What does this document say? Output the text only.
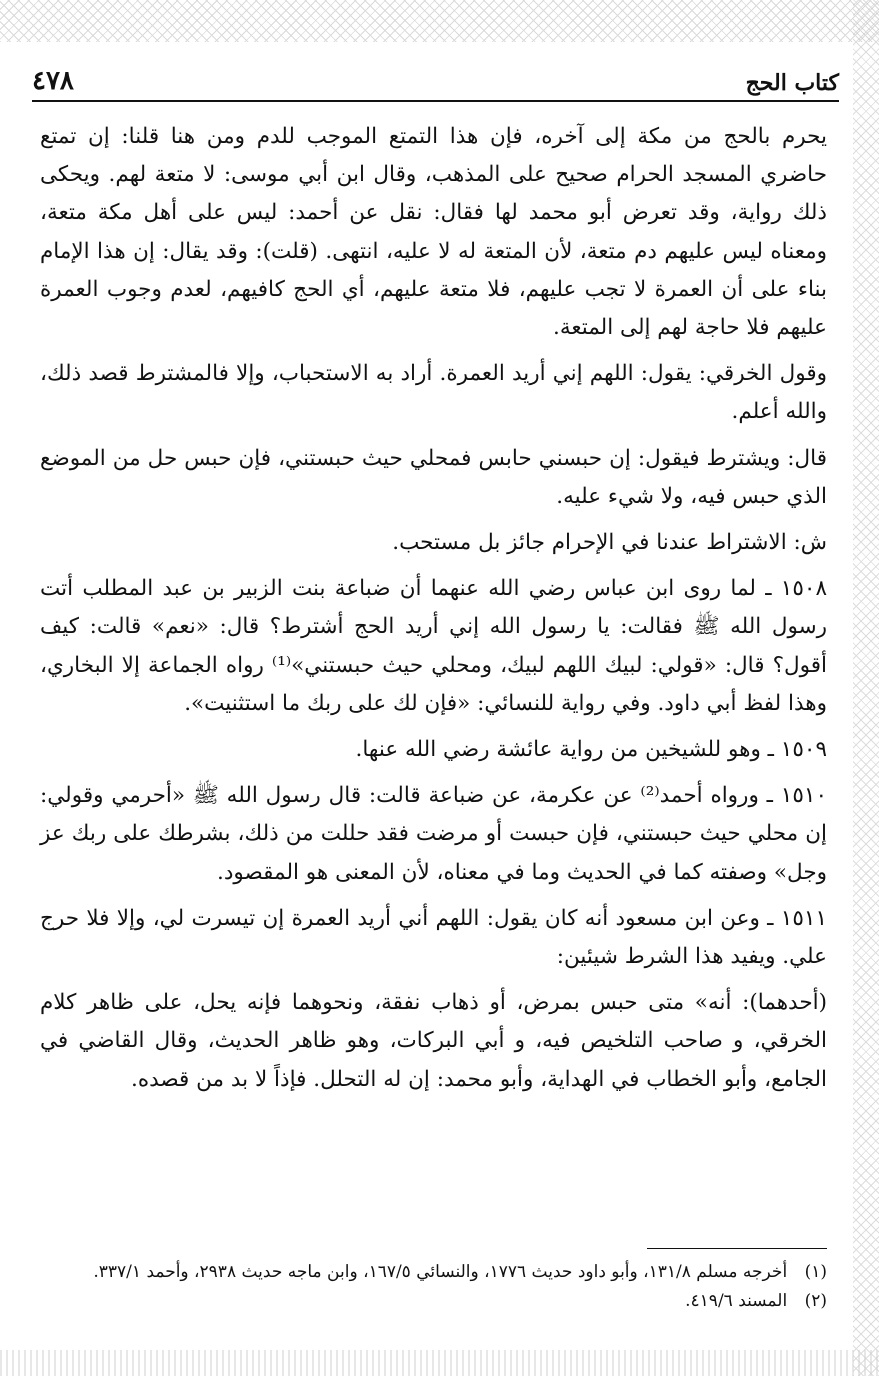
٤٧٨	كتاب الحج

يحرم بالحج من مكة إلى آخره، فإن هذا التمتع الموجب للدم ومن هنا قلنا: إن تمتع حاضري المسجد الحرام صحيح على المذهب، وقال ابن أبي موسى: لا متعة لهم. ويحكى ذلك رواية، وقد تعرض أبو محمد لها فقال: نقل عن أحمد: ليس على أهل مكة متعة، ومعناه ليس عليهم دم متعة، لأن المتعة له لا عليه، انتهى. (قلت): وقد يقال: إن هذا الإمام بناء على أن العمرة لا تجب عليهم، فلا متعة عليهم، أي الحج كافيهم، لعدم وجوب العمرة عليهم فلا حاجة لهم إلى المتعة.

وقول الخرقي: يقول: اللهم إني أريد العمرة. أراد به الاستحباب، وإلا فالمشترط قصد ذلك، والله أعلم.

قال: ويشترط فيقول: إن حبسني حابس فمحلي حيث حبستني، فإن حبس حل من الموضع الذي حبس فيه، ولا شيء عليه.

ش: الاشتراط عندنا في الإحرام جائز بل مستحب.

١٥٠٨ ـ لما روى ابن عباس رضي الله عنهما أن ضباعة بنت الزبير بن عبد المطلب أتت رسول الله ﷺ فقالت: يا رسول الله إني أريد الحج أشترط؟ قال: «نعم» قالت: كيف أقول؟ قال: «قولي: لبيك اللهم لبيك، ومحلي حيث حبستني»⁽¹⁾ رواه الجماعة إلا البخاري، وهذا لفظ أبي داود. وفي رواية للنسائي: «فإن لك على ربك ما استثنيت».

١٥٠٩ ـ وهو للشيخين من رواية عائشة رضي الله عنها.

١٥١٠ ـ ورواه أحمد⁽²⁾ عن عكرمة، عن ضباعة قالت: قال رسول الله ﷺ «أحرمي وقولي: إن محلي حيث حبستني، فإن حبست أو مرضت فقد حللت من ذلك، بشرطك على ربك عز وجل» وصفته كما في الحديث وما في معناه، لأن المعنى هو المقصود.

١٥١١ ـ وعن ابن مسعود أنه كان يقول: اللهم أني أريد العمرة إن تيسرت لي، وإلا فلا حرج علي. ويفيد هذا الشرط شيئين:

(أحدهما): أنه» متى حبس بمرض، أو ذهاب نفقة، ونحوهما فإنه يحل، على ظاهر كلام الخرقي، و صاحب التلخيص فيه، و أبي البركات، وهو ظاهر الحديث، وقال القاضي في الجامع، وأبو الخطاب في الهداية، وأبو محمد: إن له التحلل. فإذاً لا بد من قصده.

(١) أخرجه مسلم ١٣١/٨، وأبو داود حديث ١٧٧٦، والنسائي ١٦٧/٥، وابن ماجه حديث ٢٩٣٨، وأحمد ٣٣٧/١.

(٢) المسند ٤١٩/٦.
